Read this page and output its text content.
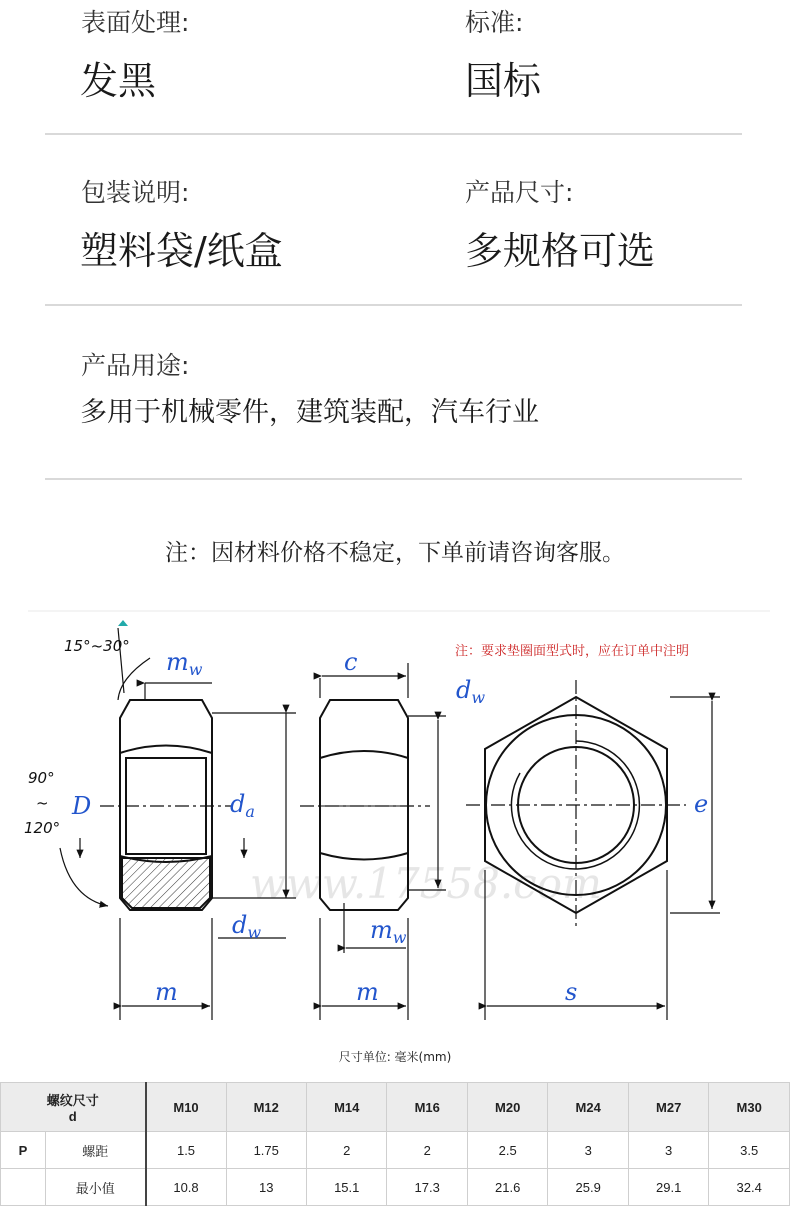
表面处理:
发黑
标准:
国标
包装说明:
塑料袋/纸盒
产品尺寸:
多规格可选
产品用途:
多用于机械零件，建筑装配，汽车行业
注：因材料价格不稳定，下单前请咨询客服。
www.17558.com
$m_w$	c
$d_w$
D	$d_a$	e
$d_w$	$m_w$
m	m	s
15°~30°
90°
~
120°
注：要求垫圈面型式时，应在订单中注明
尺寸单位: 毫米(mm)
螺纹尺寸
d		M10	M12	M14	M16	M20	M24	M27	M30
P	螺距	1.5	1.75	2	2	2.5	3	3	3.5
	最小值	10.8	13	15.1	17.3	21.6	25.9	29.1	32.4
